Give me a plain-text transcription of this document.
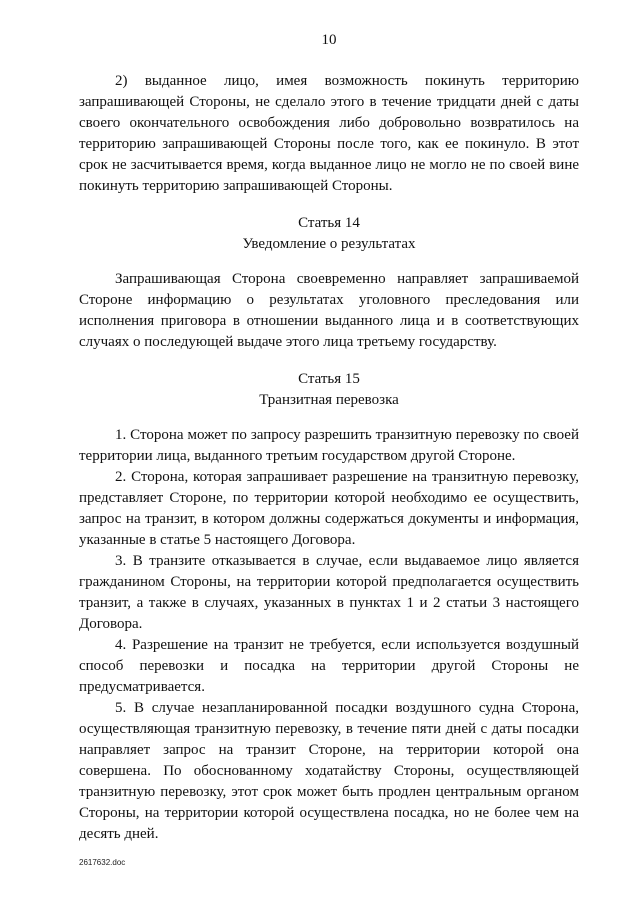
10

2) выданное лицо, имея возможность покинуть территорию запрашивающей Стороны, не сделало этого в течение тридцати дней с даты своего окончательного освобождения либо добровольно возвратилось на территорию запрашивающей Стороны после того, как ее покинуло. В этот срок не засчитывается время, когда выданное лицо не могло не по своей вине покинуть территорию запрашивающей Стороны.

Статья 14

Уведомление о результатах

Запрашивающая Сторона своевременно направляет запрашиваемой Стороне информацию о результатах уголовного преследования или исполнения приговора в отношении выданного лица и в соответствующих случаях о последующей выдаче этого лица третьему государству.

Статья 15

Транзитная перевозка

1. Сторона может по запросу разрешить транзитную перевозку по своей территории лица, выданного третьим государством другой Стороне.

2. Сторона, которая запрашивает разрешение на транзитную перевозку, представляет Стороне, по территории которой необходимо ее осуществить, запрос на транзит, в котором должны содержаться документы и информация, указанные в статье 5 настоящего Договора.

3. В транзите отказывается в случае, если выдаваемое лицо является гражданином Стороны, на территории которой предполагается осуществить транзит, а также в случаях, указанных в пунктах 1 и 2 статьи 3 настоящего Договора.

4. Разрешение на транзит не требуется, если используется воздушный способ перевозки и посадка на территории другой Стороны не предусматривается.

5. В случае незапланированной посадки воздушного судна Сторона, осуществляющая транзитную перевозку, в течение пяти дней с даты посадки направляет запрос на транзит Стороне, на территории которой она совершена. По обоснованному ходатайству Стороны, осуществляющей транзитную перевозку, этот срок может быть продлен центральным органом Стороны, на территории которой осуществлена посадка, но не более чем на десять дней.

2617632.doc
